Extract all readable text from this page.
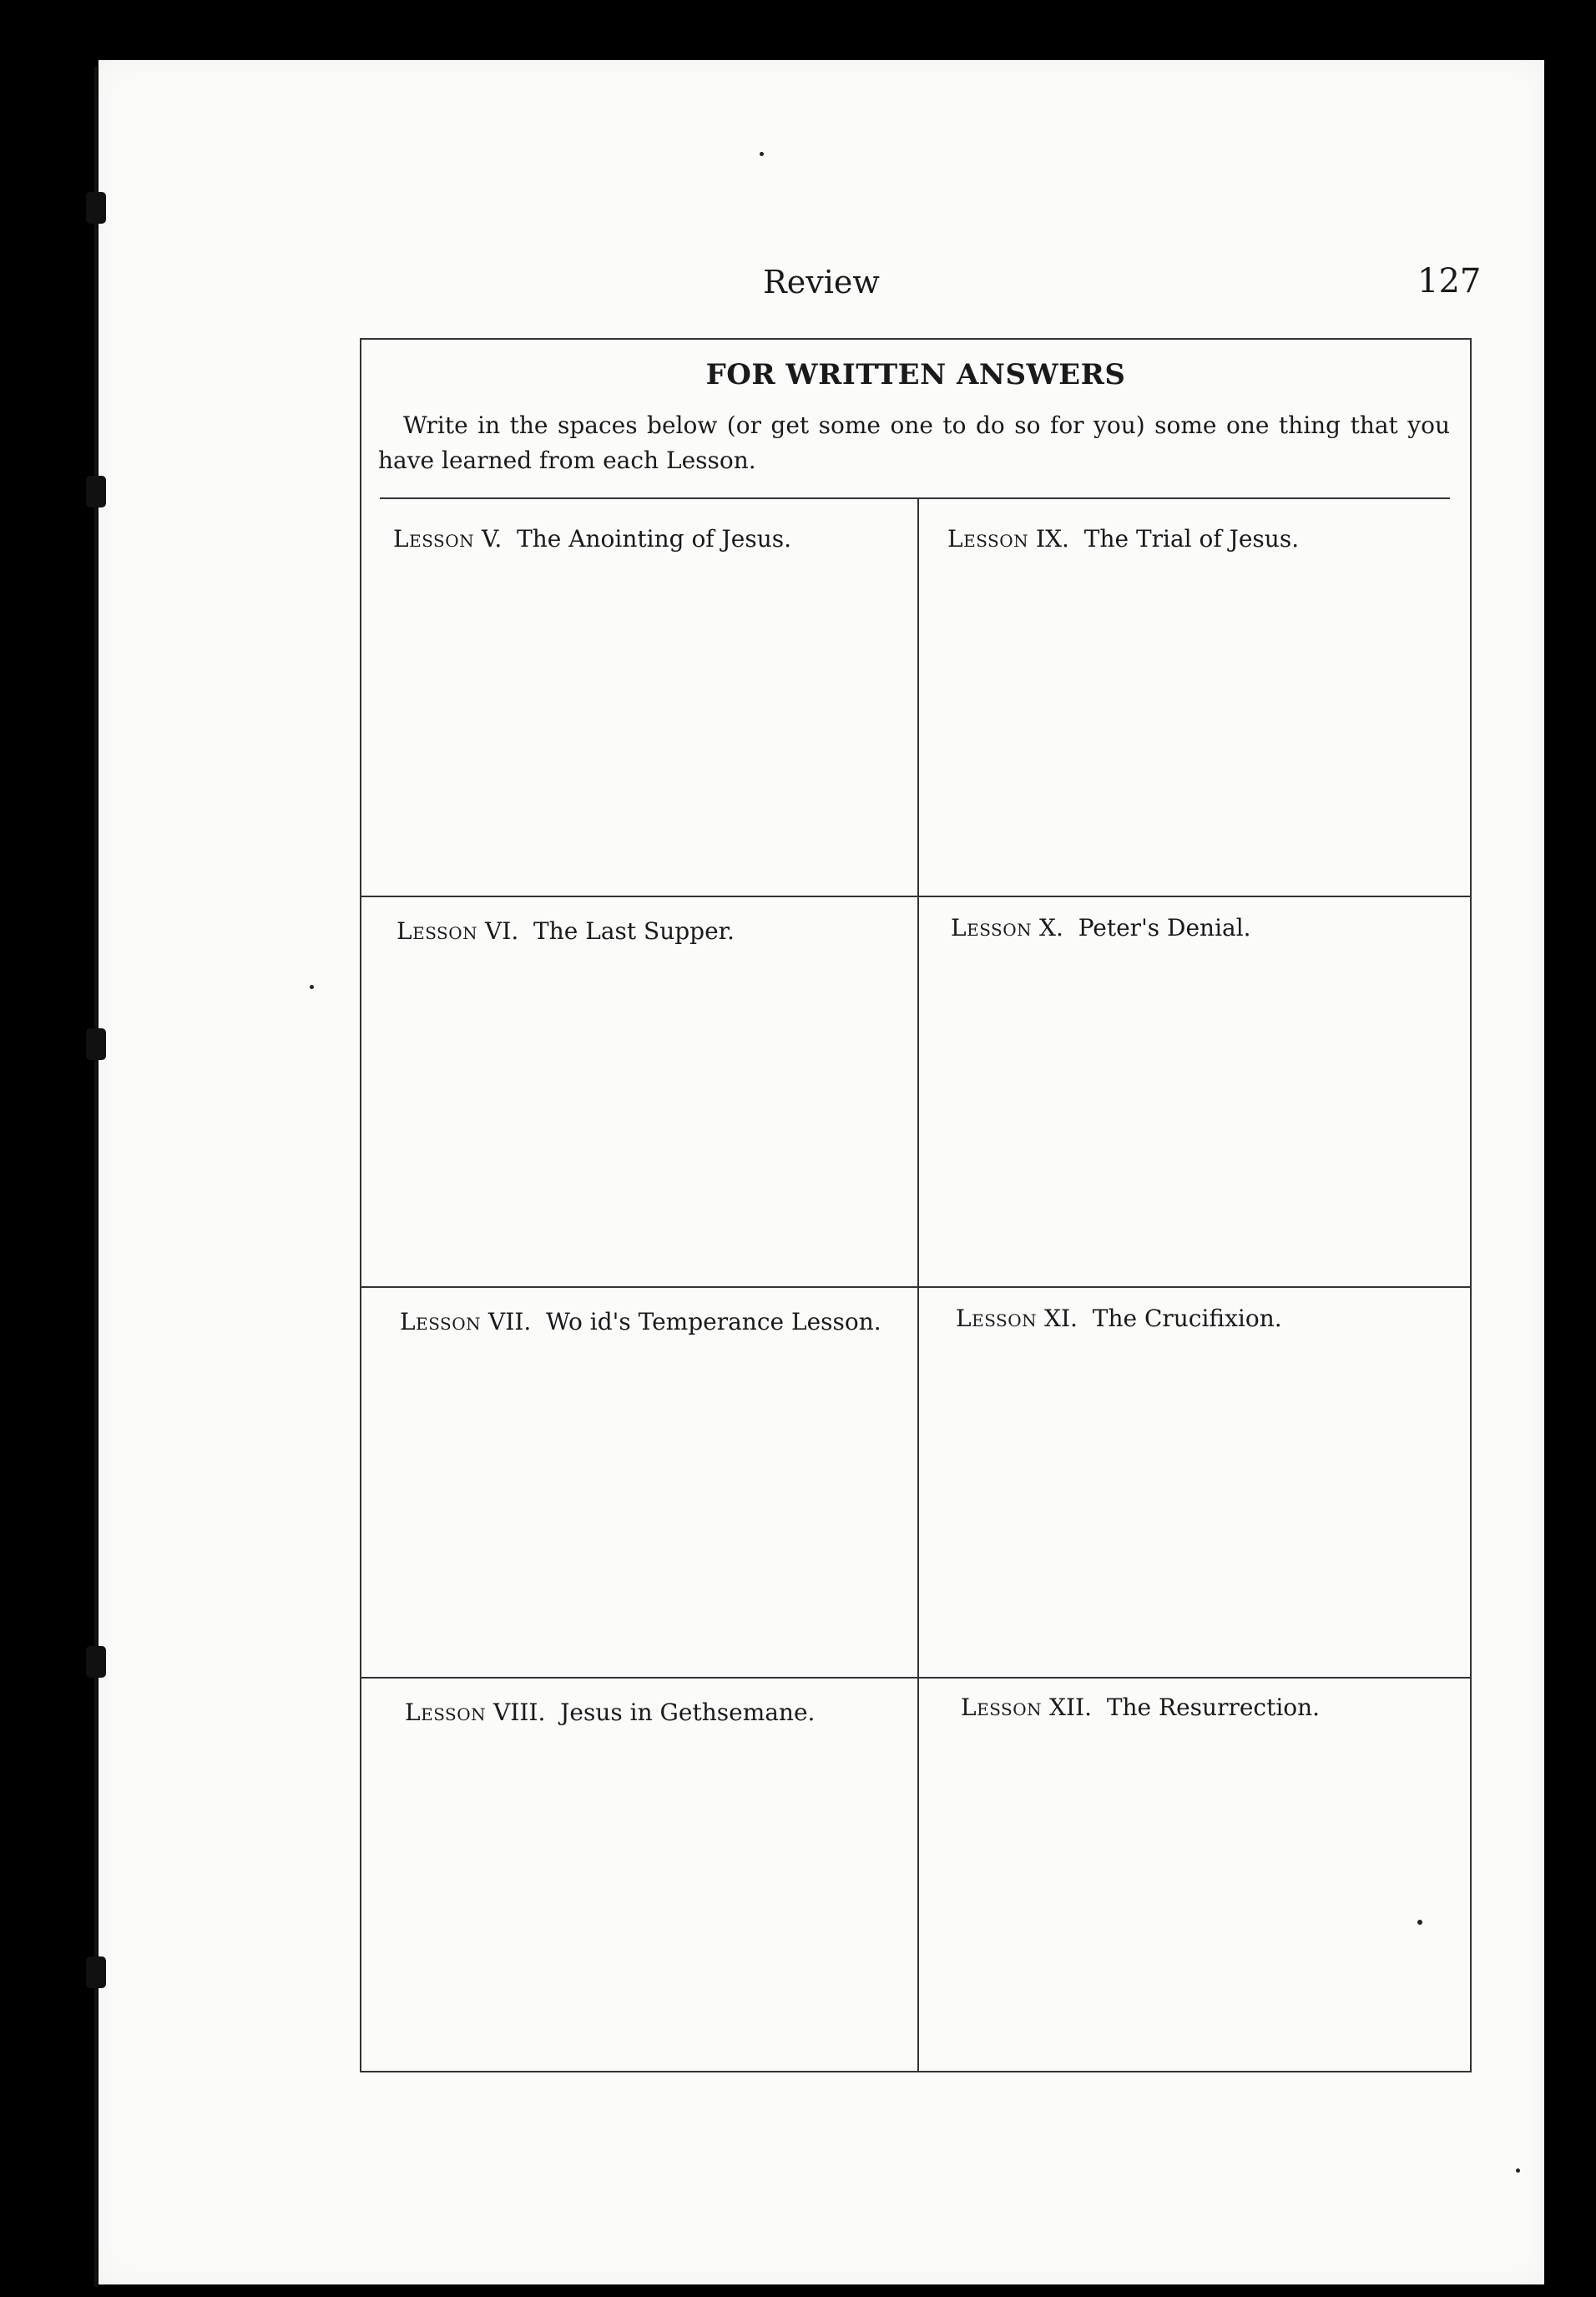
Review	127
FOR WRITTEN ANSWERS
Write in the spaces below (or get some one to do so for you) some one thing that you have learned from each Lesson.
Lesson V. The Anointing of Jesus.	Lesson IX. The Trial of Jesus.
Lesson VI. The Last Supper.	Lesson X. Peter's Denial.
Lesson VII. Wo id's Temperance Lesson.	Lesson XI. The Crucifixion.
Lesson VIII. Jesus in Gethsemane.	Lesson XII. The Resurrection.
